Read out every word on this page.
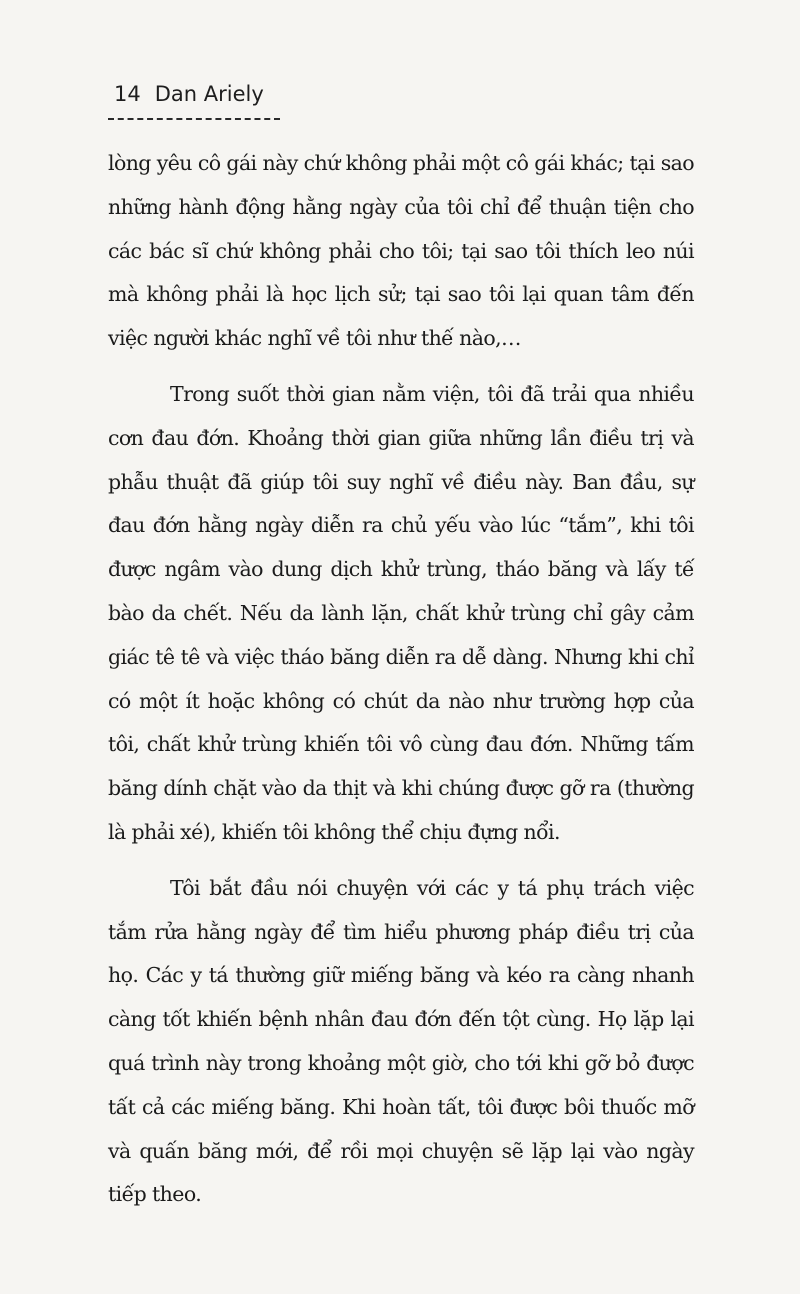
14 Dan Ariely

lòng yêu cô gái này chứ không phải một cô gái khác; tại sao những hành động hằng ngày của tôi chỉ để thuận tiện cho các bác sĩ chứ không phải cho tôi; tại sao tôi thích leo núi mà không phải là học lịch sử; tại sao tôi lại quan tâm đến việc người khác nghĩ về tôi như thế nào,…

Trong suốt thời gian nằm viện, tôi đã trải qua nhiều cơn đau đớn. Khoảng thời gian giữa những lần điều trị và phẫu thuật đã giúp tôi suy nghĩ về điều này. Ban đầu, sự đau đớn hằng ngày diễn ra chủ yếu vào lúc “tắm”, khi tôi được ngâm vào dung dịch khử trùng, tháo băng và lấy tế bào da chết. Nếu da lành lặn, chất khử trùng chỉ gây cảm giác tê tê và việc tháo băng diễn ra dễ dàng. Nhưng khi chỉ có một ít hoặc không có chút da nào như trường hợp của tôi, chất khử trùng khiến tôi vô cùng đau đớn. Những tấm băng dính chặt vào da thịt và khi chúng được gỡ ra (thường là phải xé), khiến tôi không thể chịu đựng nổi.

Tôi bắt đầu nói chuyện với các y tá phụ trách việc tắm rửa hằng ngày để tìm hiểu phương pháp điều trị của họ. Các y tá thường giữ miếng băng và kéo ra càng nhanh càng tốt khiến bệnh nhân đau đớn đến tột cùng. Họ lặp lại quá trình này trong khoảng một giờ, cho tới khi gỡ bỏ được tất cả các miếng băng. Khi hoàn tất, tôi được bôi thuốc mỡ và quấn băng mới, để rồi mọi chuyện sẽ lặp lại vào ngày tiếp theo.
